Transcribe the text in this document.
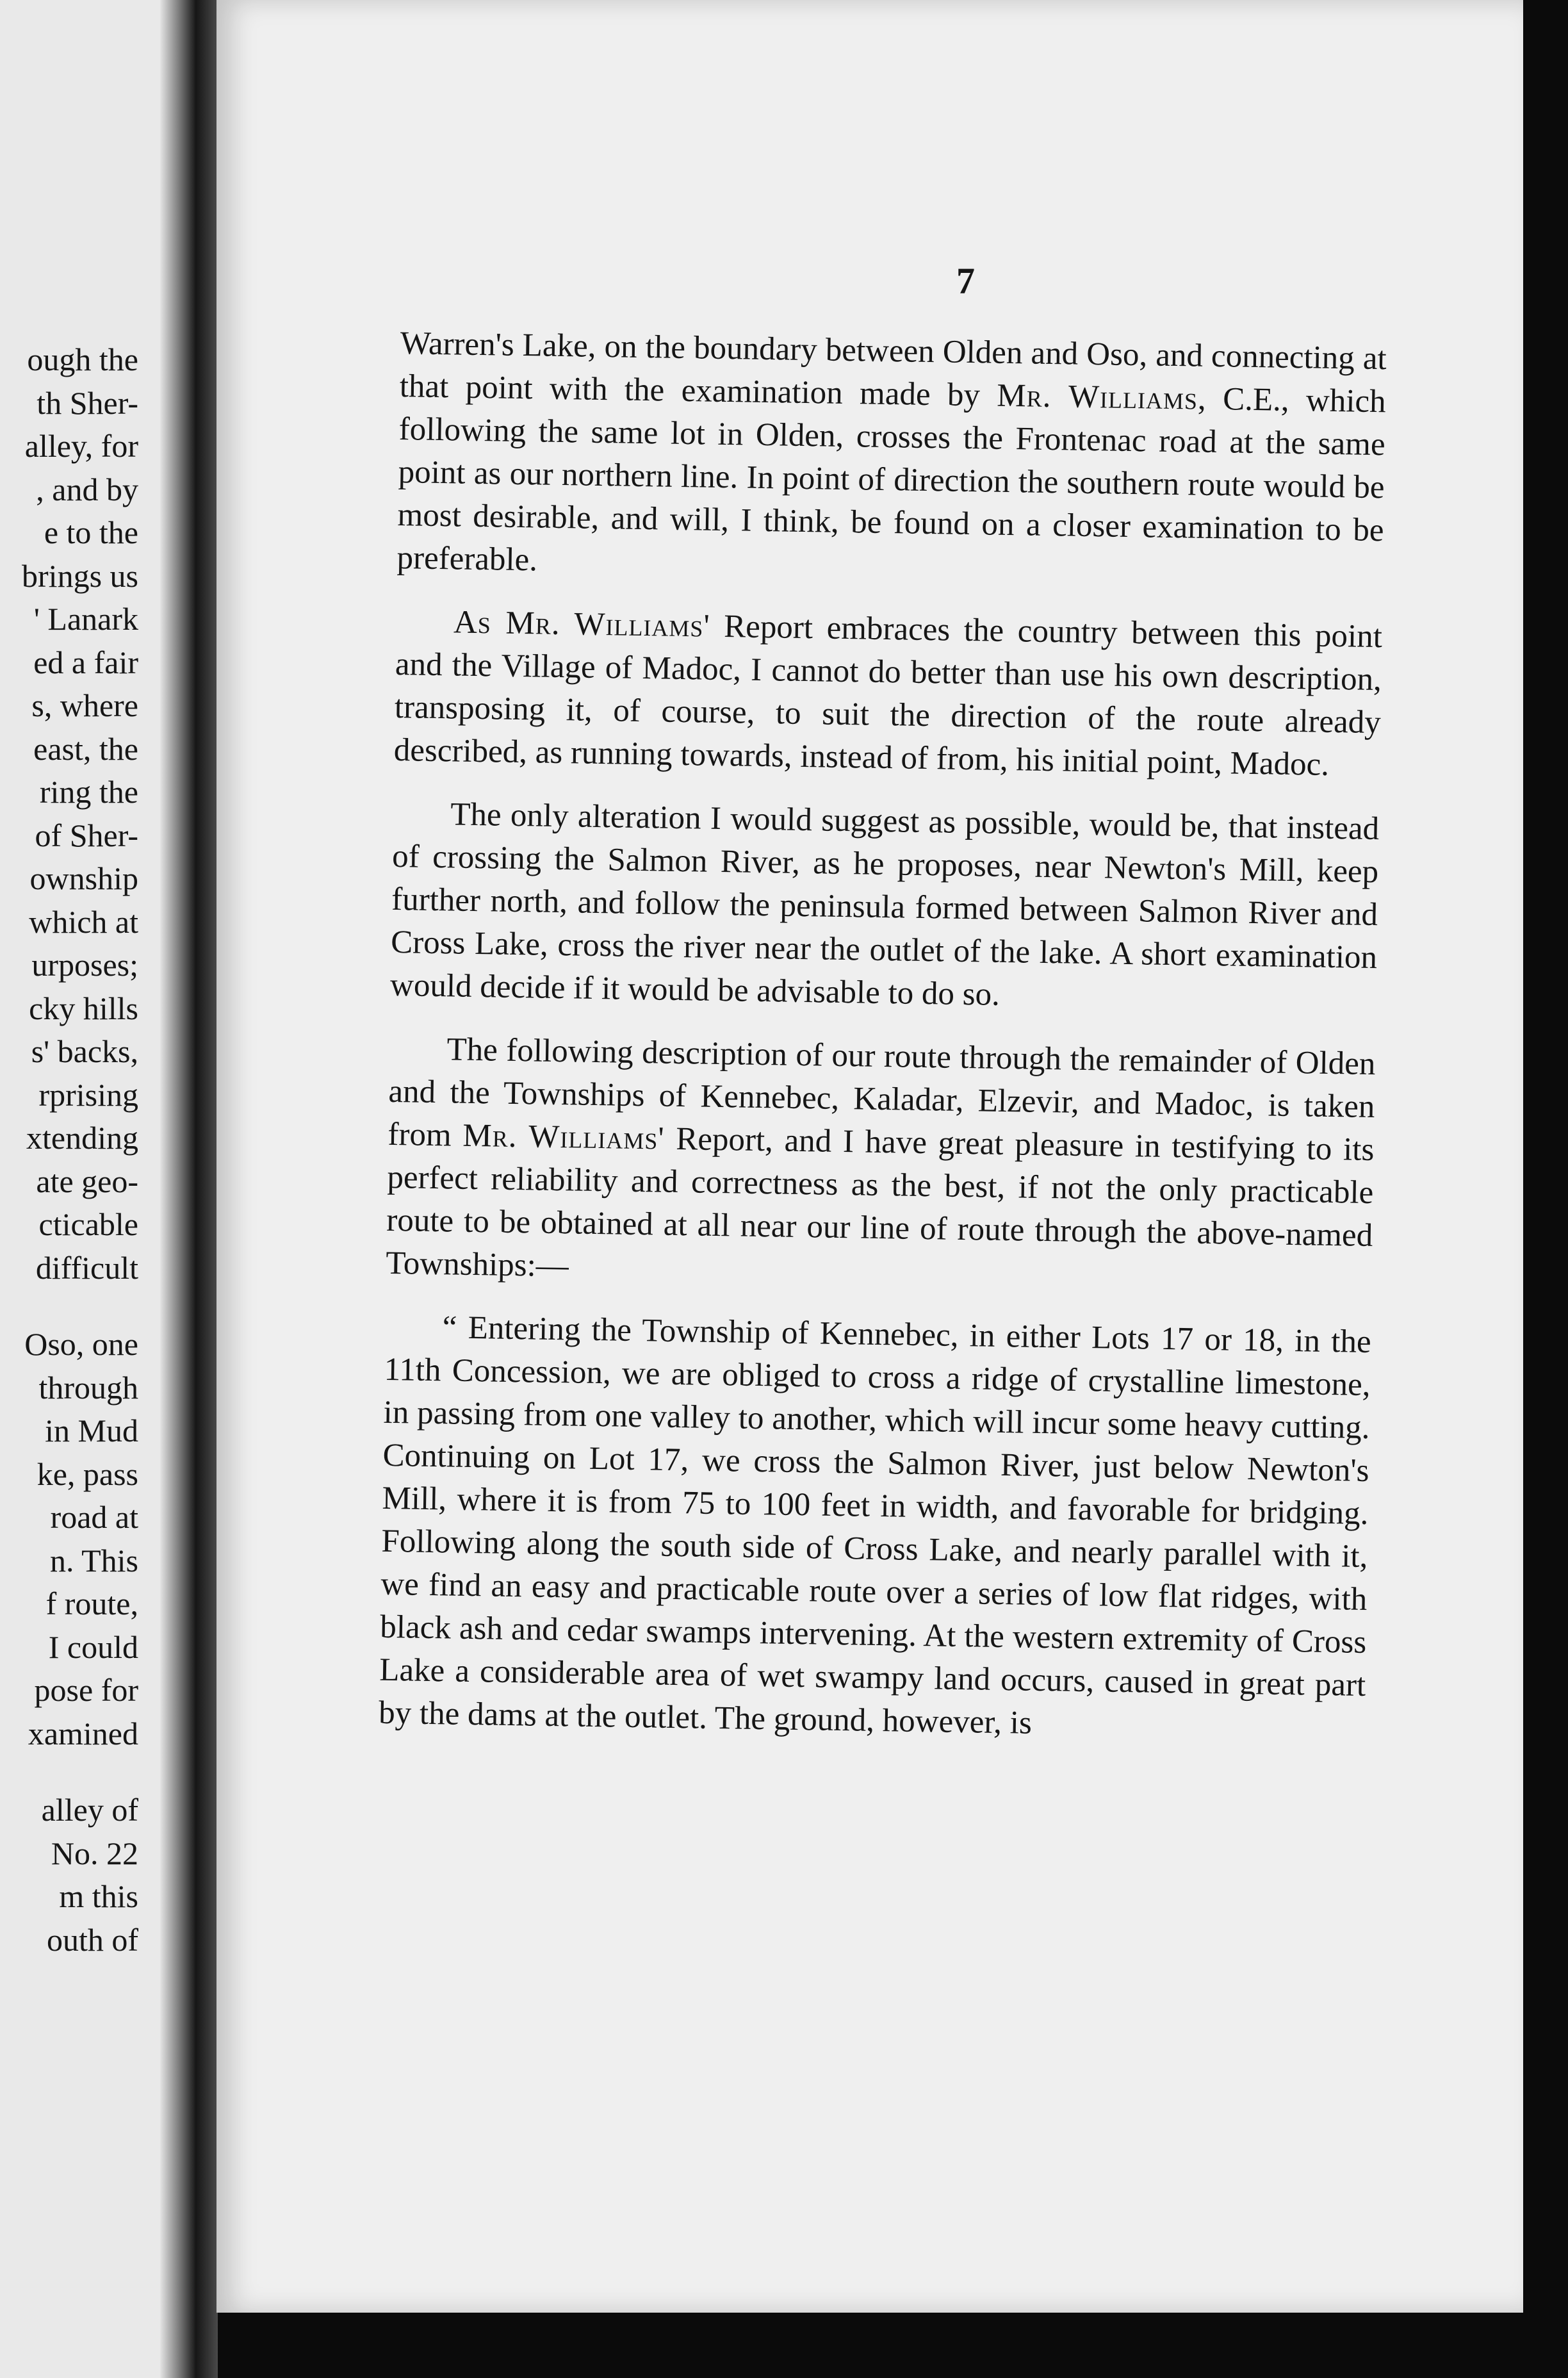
ough the
th Sher-
alley, for
, and by
e to the
brings us
' Lanark
ed a fair
s, where
east, the
ring the
of Sher-
ownship
which at
urposes;
cky hills
s' backs,
rprising
xtending
ate geo-
cticable
difficult
Oso, one
through
in Mud
ke, pass
road at
n. This
f route,
I could
pose for
xamined
alley of
No. 22
m this
outh of
7

Warren's Lake, on the boundary between Olden and Oso, and connecting at that point with the examination made by Mr. Williams, C.E., which following the same lot in Olden, crosses the Frontenac road at the same point as our northern line. In point of direction the southern route would be most desirable, and will, I think, be found on a closer examination to be preferable.

As Mr. Williams' Report embraces the country between this point and the Village of Madoc, I cannot do better than use his own description, transposing it, of course, to suit the direction of the route already described, as running towards, instead of from, his initial point, Madoc.

The only alteration I would suggest as possible, would be, that instead of crossing the Salmon River, as he proposes, near Newton's Mill, keep further north, and follow the peninsula formed between Salmon River and Cross Lake, cross the river near the outlet of the lake. A short examination would decide if it would be advisable to do so.

The following description of our route through the remainder of Olden and the Townships of Kennebec, Kaladar, Elzevir, and Madoc, is taken from Mr. Williams' Report, and I have great pleasure in testifying to its perfect reliability and correctness as the best, if not the only practicable route to be obtained at all near our line of route through the above-named Townships:—

“ Entering the Township of Kennebec, in either Lots 17 or 18, in the 11th Concession, we are obliged to cross a ridge of crystalline limestone, in passing from one valley to another, which will incur some heavy cutting. Continuing on Lot 17, we cross the Salmon River, just below Newton's Mill, where it is from 75 to 100 feet in width, and favorable for bridging. Following along the south side of Cross Lake, and nearly parallel with it, we find an easy and practicable route over a series of low flat ridges, with black ash and cedar swamps intervening. At the western extremity of Cross Lake a considerable area of wet swampy land occurs, caused in great part by the dams at the outlet. The ground, however, is
